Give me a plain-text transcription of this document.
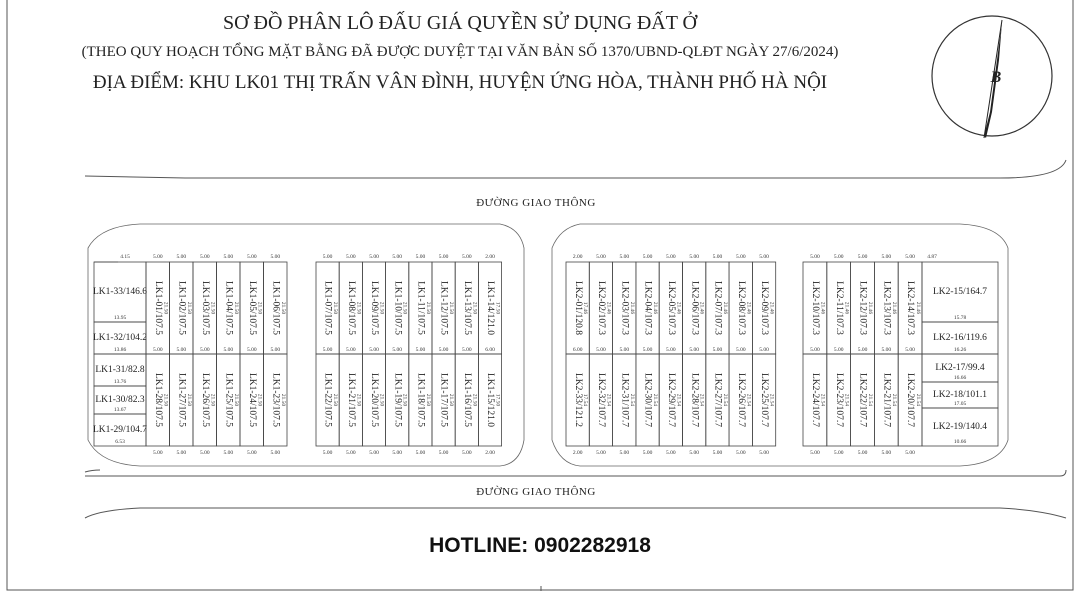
SƠ ĐỒ PHÂN LÔ ĐẤU GIÁ QUYỀN SỬ DỤNG ĐẤT Ở
(THEO QUY HOẠCH TỔNG MẶT BẰNG ĐÃ ĐƯỢC DUYỆT TẠI VĂN BẢN SỐ 1370/UBND-QLĐT NGÀY 27/6/2024)
ĐỊA ĐIỂM: KHU LK01 THỊ TRẤN VÂN ĐÌNH, HUYỆN ỨNG HÒA, THÀNH PHỐ HÀ NỘI	B
ĐƯỜNG GIAO THÔNG
ĐƯỜNG GIAO THÔNG
LK1-33/146.6
13.95
LK1-32/104.2
13.86
LK1-31/82.8
13.76
LK1-30/82.3
13.67
LK1-29/104.7
6.53
4.15
LK1-01/107.5 21.50
5.00
5.00
LK1-02/107.5 21.50
5.00
5.00
LK1-03/107.5 21.50
5.00
5.00
LK1-04/107.5 21.50
5.00
5.00
LK1-05/107.5 21.50
5.00
5.00
LK1-06/107.5 21.50
5.00
5.00
LK1-28/107.5 21.50
5.00
LK1-27/107.5 21.50
5.00
LK1-26/107.5 21.50
5.00
LK1-25/107.5 21.50
5.00
LK1-24/107.5 21.50
5.00
LK1-23/107.5 21.50
5.00
LK1-07/107.5 21.50
5.00
5.00
LK1-08/107.5 21.50
5.00
5.00
LK1-09/107.5 21.50
5.00
5.00
LK1-10/107.5 21.50
5.00
5.00
LK1-11/107.5 21.50
5.00
5.00
LK1-12/107.5 21.50
5.00
5.00
LK1-13/107.5 21.50
5.00
5.00
LK1-14/121.0 17.50
2.00
6.00
LK1-22/107.5 21.50
5.00
LK1-21/107.5 21.50
5.00
LK1-20/107.5 21.50
5.00
LK1-19/107.5 21.50
5.00
LK1-18/107.5 21.50
5.00
LK1-17/107.5 21.50
5.00
LK1-16/107.5 21.50
5.00
LK1-15/121.0 17.50
2.00
LK2-01/120.8 17.46
2.00
6.00
LK2-02/107.3 21.46
5.00
5.00
LK2-03/107.3 21.46
5.00
5.00
LK2-04/107.3 21.46
5.00
5.00
LK2-05/107.3 21.46
5.00
5.00
LK2-06/107.3 21.46
5.00
5.00
LK2-07/107.3 21.46
5.00
5.00
LK2-08/107.3 21.46
5.00
5.00
LK2-09/107.3 21.46
5.00
5.00
LK2-33/121.2 17.54
2.00
LK2-32/107.7 21.54
5.00
LK2-31/107.7 21.54
5.00
LK2-30/107.7 21.54
5.00
LK2-29/107.7 21.54
5.00
LK2-28/107.7 21.54
5.00
LK2-27/107.7 21.54
5.00
LK2-26/107.7 21.54
5.00
LK2-25/107.7 21.54
5.00
LK2-10/107.3 21.46
5.00
5.00
LK2-11/107.3 21.46
5.00
5.00
LK2-12/107.3 21.46
5.00
5.00
LK2-13/107.3 21.46
5.00
5.00
LK2-14/107.3 21.46
5.00
5.00
LK2-24/107.7 21.54
5.00
LK2-23/107.7 21.54
5.00
LK2-22/107.7 21.54
5.00
LK2-21/107.7 21.54
5.00
LK2-20/107.7 21.54
5.00
LK2-15/164.7
15.78
LK2-16/119.6
16.26
LK2-17/99.4
16.66
LK2-18/101.1
17.05
LK2-19/140.4
10.66
4.87
HOTLINE: 0902282918
